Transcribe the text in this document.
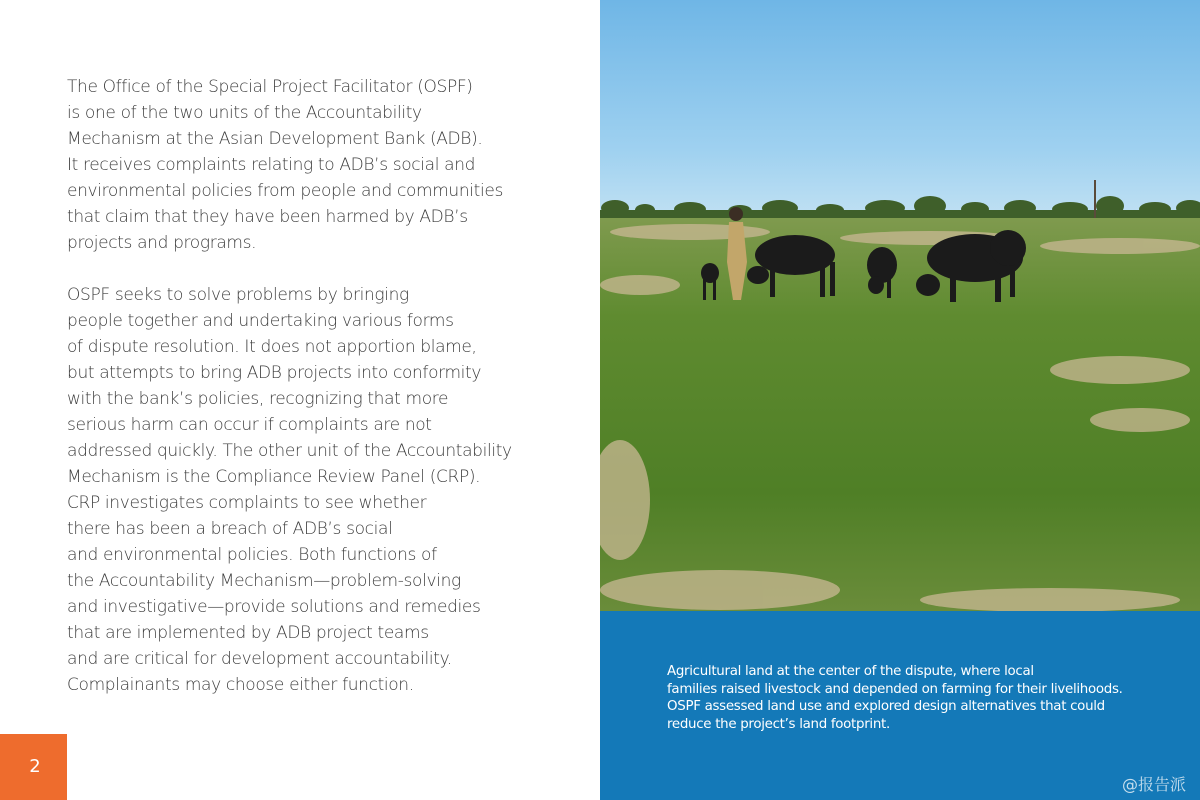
The Office of the Special Project Facilitator (OSPF)
is one of the two units of the Accountability
Mechanism at the Asian Development Bank (ADB).
It receives complaints relating to ADB’s social and
environmental policies from people and communities
that claim that they have been harmed by ADB’s
projects and programs.

OSPF seeks to solve problems by bringing
people together and undertaking various forms
of dispute resolution. It does not apportion blame,
but attempts to bring ADB projects into conformity
with the bank’s policies, recognizing that more
serious harm can occur if complaints are not
addressed quickly. The other unit of the Accountability
Mechanism is the Compliance Review Panel (CRP).
CRP investigates complaints to see whether
there has been a breach of ADB’s social
and environmental policies. Both functions of
the Accountability Mechanism—problem-solving
and investigative—provide solutions and remedies
that are implemented by ADB project teams
and are critical for development accountability.
Complainants may choose either function.

2

Agricultural land at the center of the dispute, where local
families raised livestock and depended on farming for their livelihoods.
OSPF assessed land use and explored design alternatives that could
reduce the project’s land footprint.

@报告派
